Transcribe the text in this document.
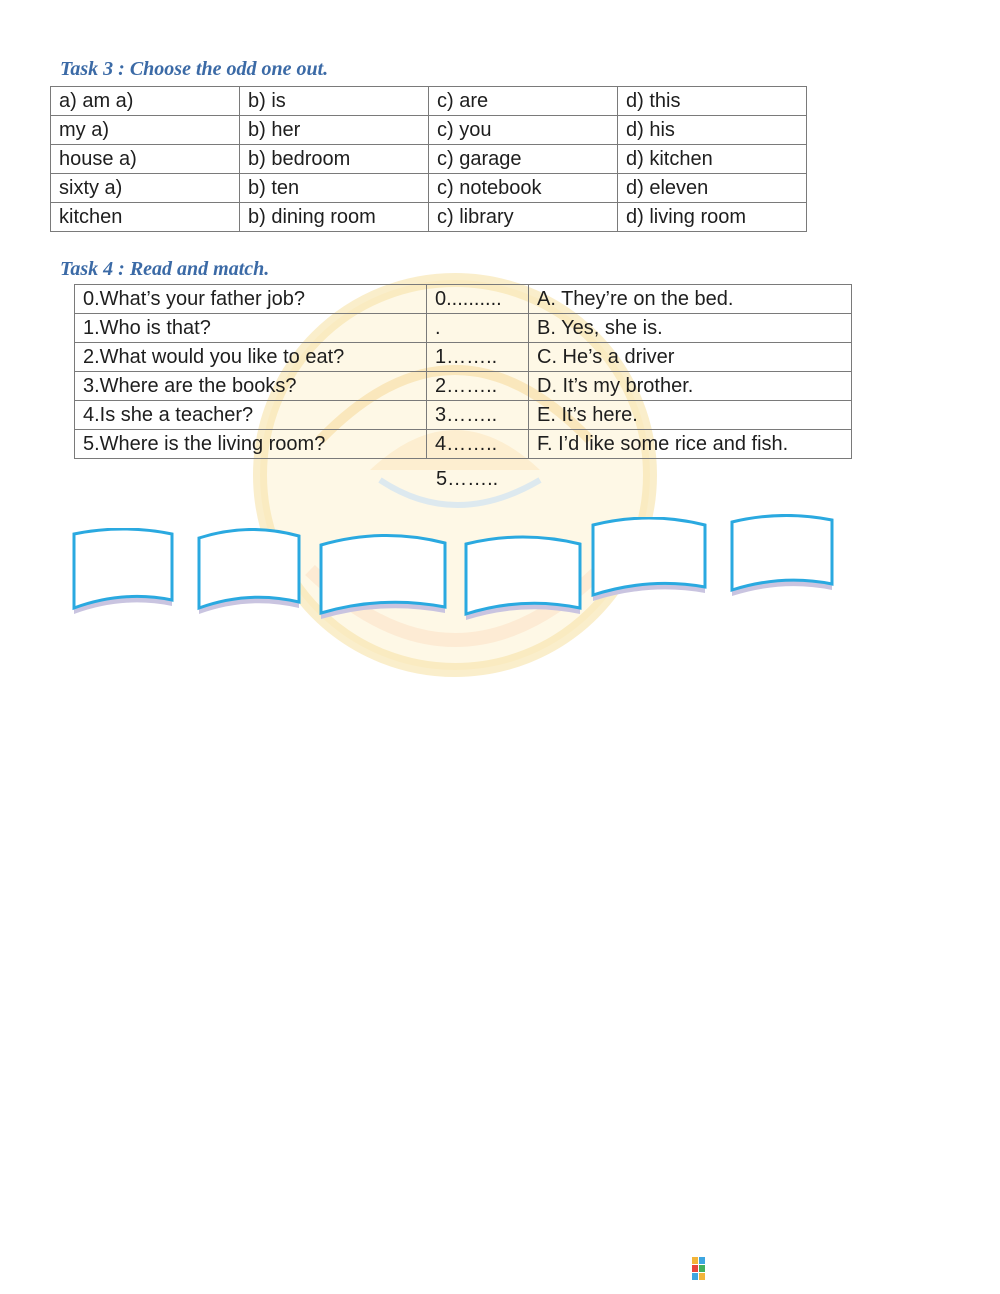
Task 3 : Choose the odd one out.
a) am a)	b) is	c) are	d) this
my a)	b) her	c) you	d) his
house a)	b) bedroom	c) garage	d) kitchen
sixty a)	b) ten	c) notebook	d) eleven
kitchen	b) dining room	c) library	d) living room
Task 4 : Read and match.
0.What’s your father job?	0..........	A. They’re on the bed.
1.Who is that?	.	B. Yes, she is.
2.What would you like to eat?	1……..	C. He’s a driver
3.Where are the books?	2……..	D. It’s my brother.
4.Is she a teacher?	3……..	E. It’s here.
5.Where is the living room?	4……..	F. I’d like some rice and fish.
5……..
